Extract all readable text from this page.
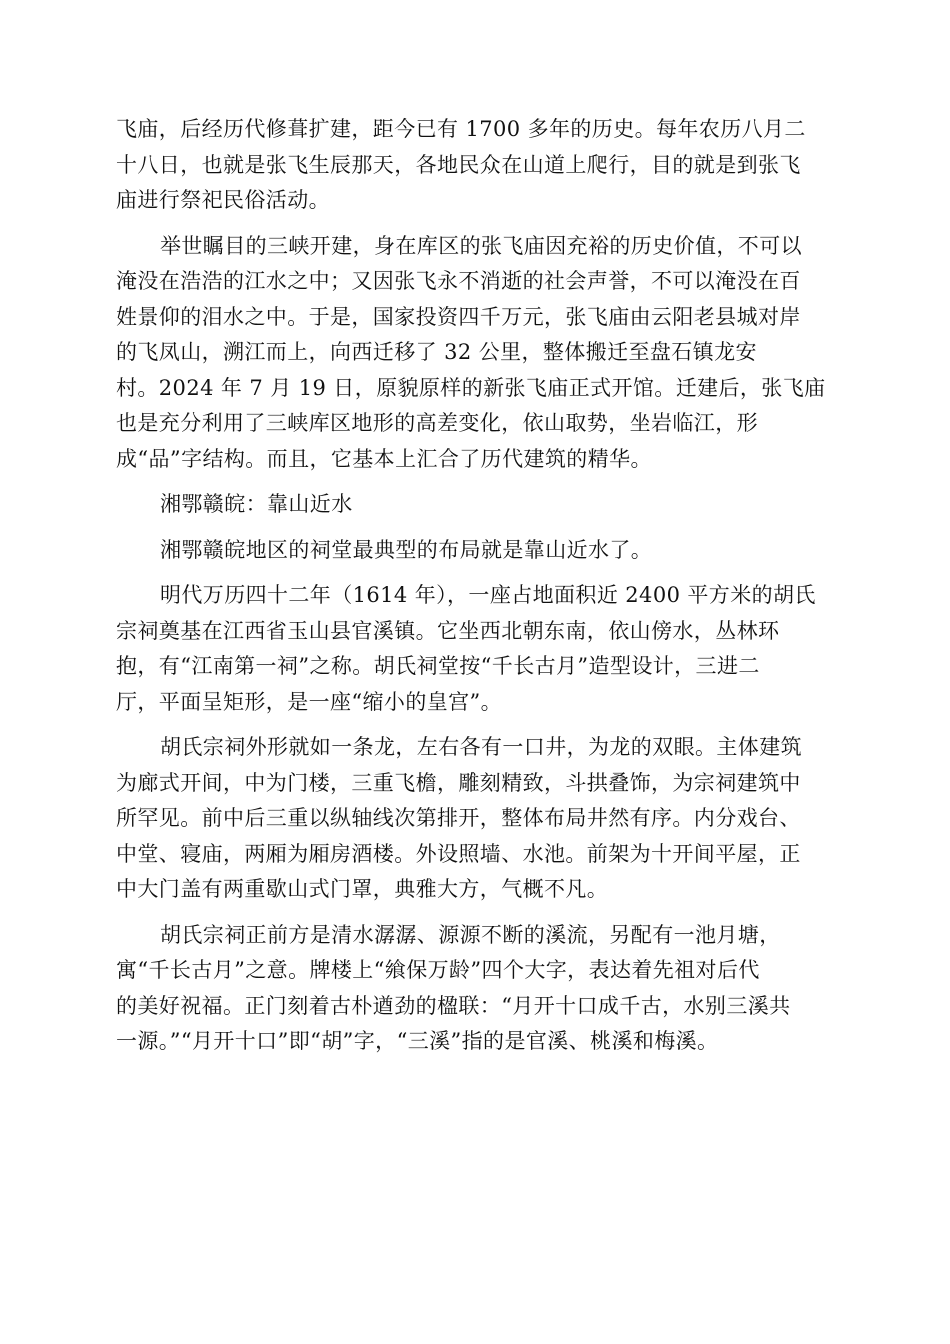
飞庙，后经历代修葺扩建，距今已有 1700 多年的历史。每年农历八月二
十八日，也就是张飞生辰那天，各地民众在山道上爬行，目的就是到张飞
庙进行祭祀民俗活动。
举世瞩目的三峡开建，身在库区的张飞庙因充裕的历史价值，不可以
淹没在浩浩的江水之中；又因张飞永不消逝的社会声誉，不可以淹没在百
姓景仰的泪水之中。于是，国家投资四千万元，张飞庙由云阳老县城对岸
的飞凤山，溯江而上，向西迁移了 32 公里，整体搬迁至盘石镇龙安
村。2024 年 7 月 19 日，原貌原样的新张飞庙正式开馆。迁建后，张飞庙
也是充分利用了三峡库区地形的高差变化，依山取势，坐岩临江，形
成“品”字结构。而且，它基本上汇合了历代建筑的精华。
湘鄂赣皖：靠山近水
湘鄂赣皖地区的祠堂最典型的布局就是靠山近水了。
明代万历四十二年（1614 年），一座占地面积近 2400 平方米的胡氏
宗祠奠基在江西省玉山县官溪镇。它坐西北朝东南，依山傍水，丛林环
抱，有“江南第一祠”之称。胡氏祠堂按“千长古月”造型设计，三进二
厅，平面呈矩形，是一座“缩小的皇宫”。
胡氏宗祠外形就如一条龙，左右各有一口井，为龙的双眼。主体建筑
为廊式开间，中为门楼，三重飞檐，雕刻精致，斗拱叠饰，为宗祠建筑中
所罕见。前中后三重以纵轴线次第排开，整体布局井然有序。内分戏台、
中堂、寝庙，两厢为厢房酒楼。外设照墙、水池。前架为十开间平屋，正
中大门盖有两重歇山式门罩，典雅大方，气概不凡。
胡氏宗祠正前方是清水潺潺、源源不断的溪流，另配有一池月塘，
寓“千长古月”之意。牌楼上“飨保万龄”四个大字，表达着先祖对后代
的美好祝福。正门刻着古朴遒劲的楹联：“月开十口成千古，水别三溪共
一源。”“月开十口”即“胡”字，“三溪”指的是官溪、桃溪和梅溪。
